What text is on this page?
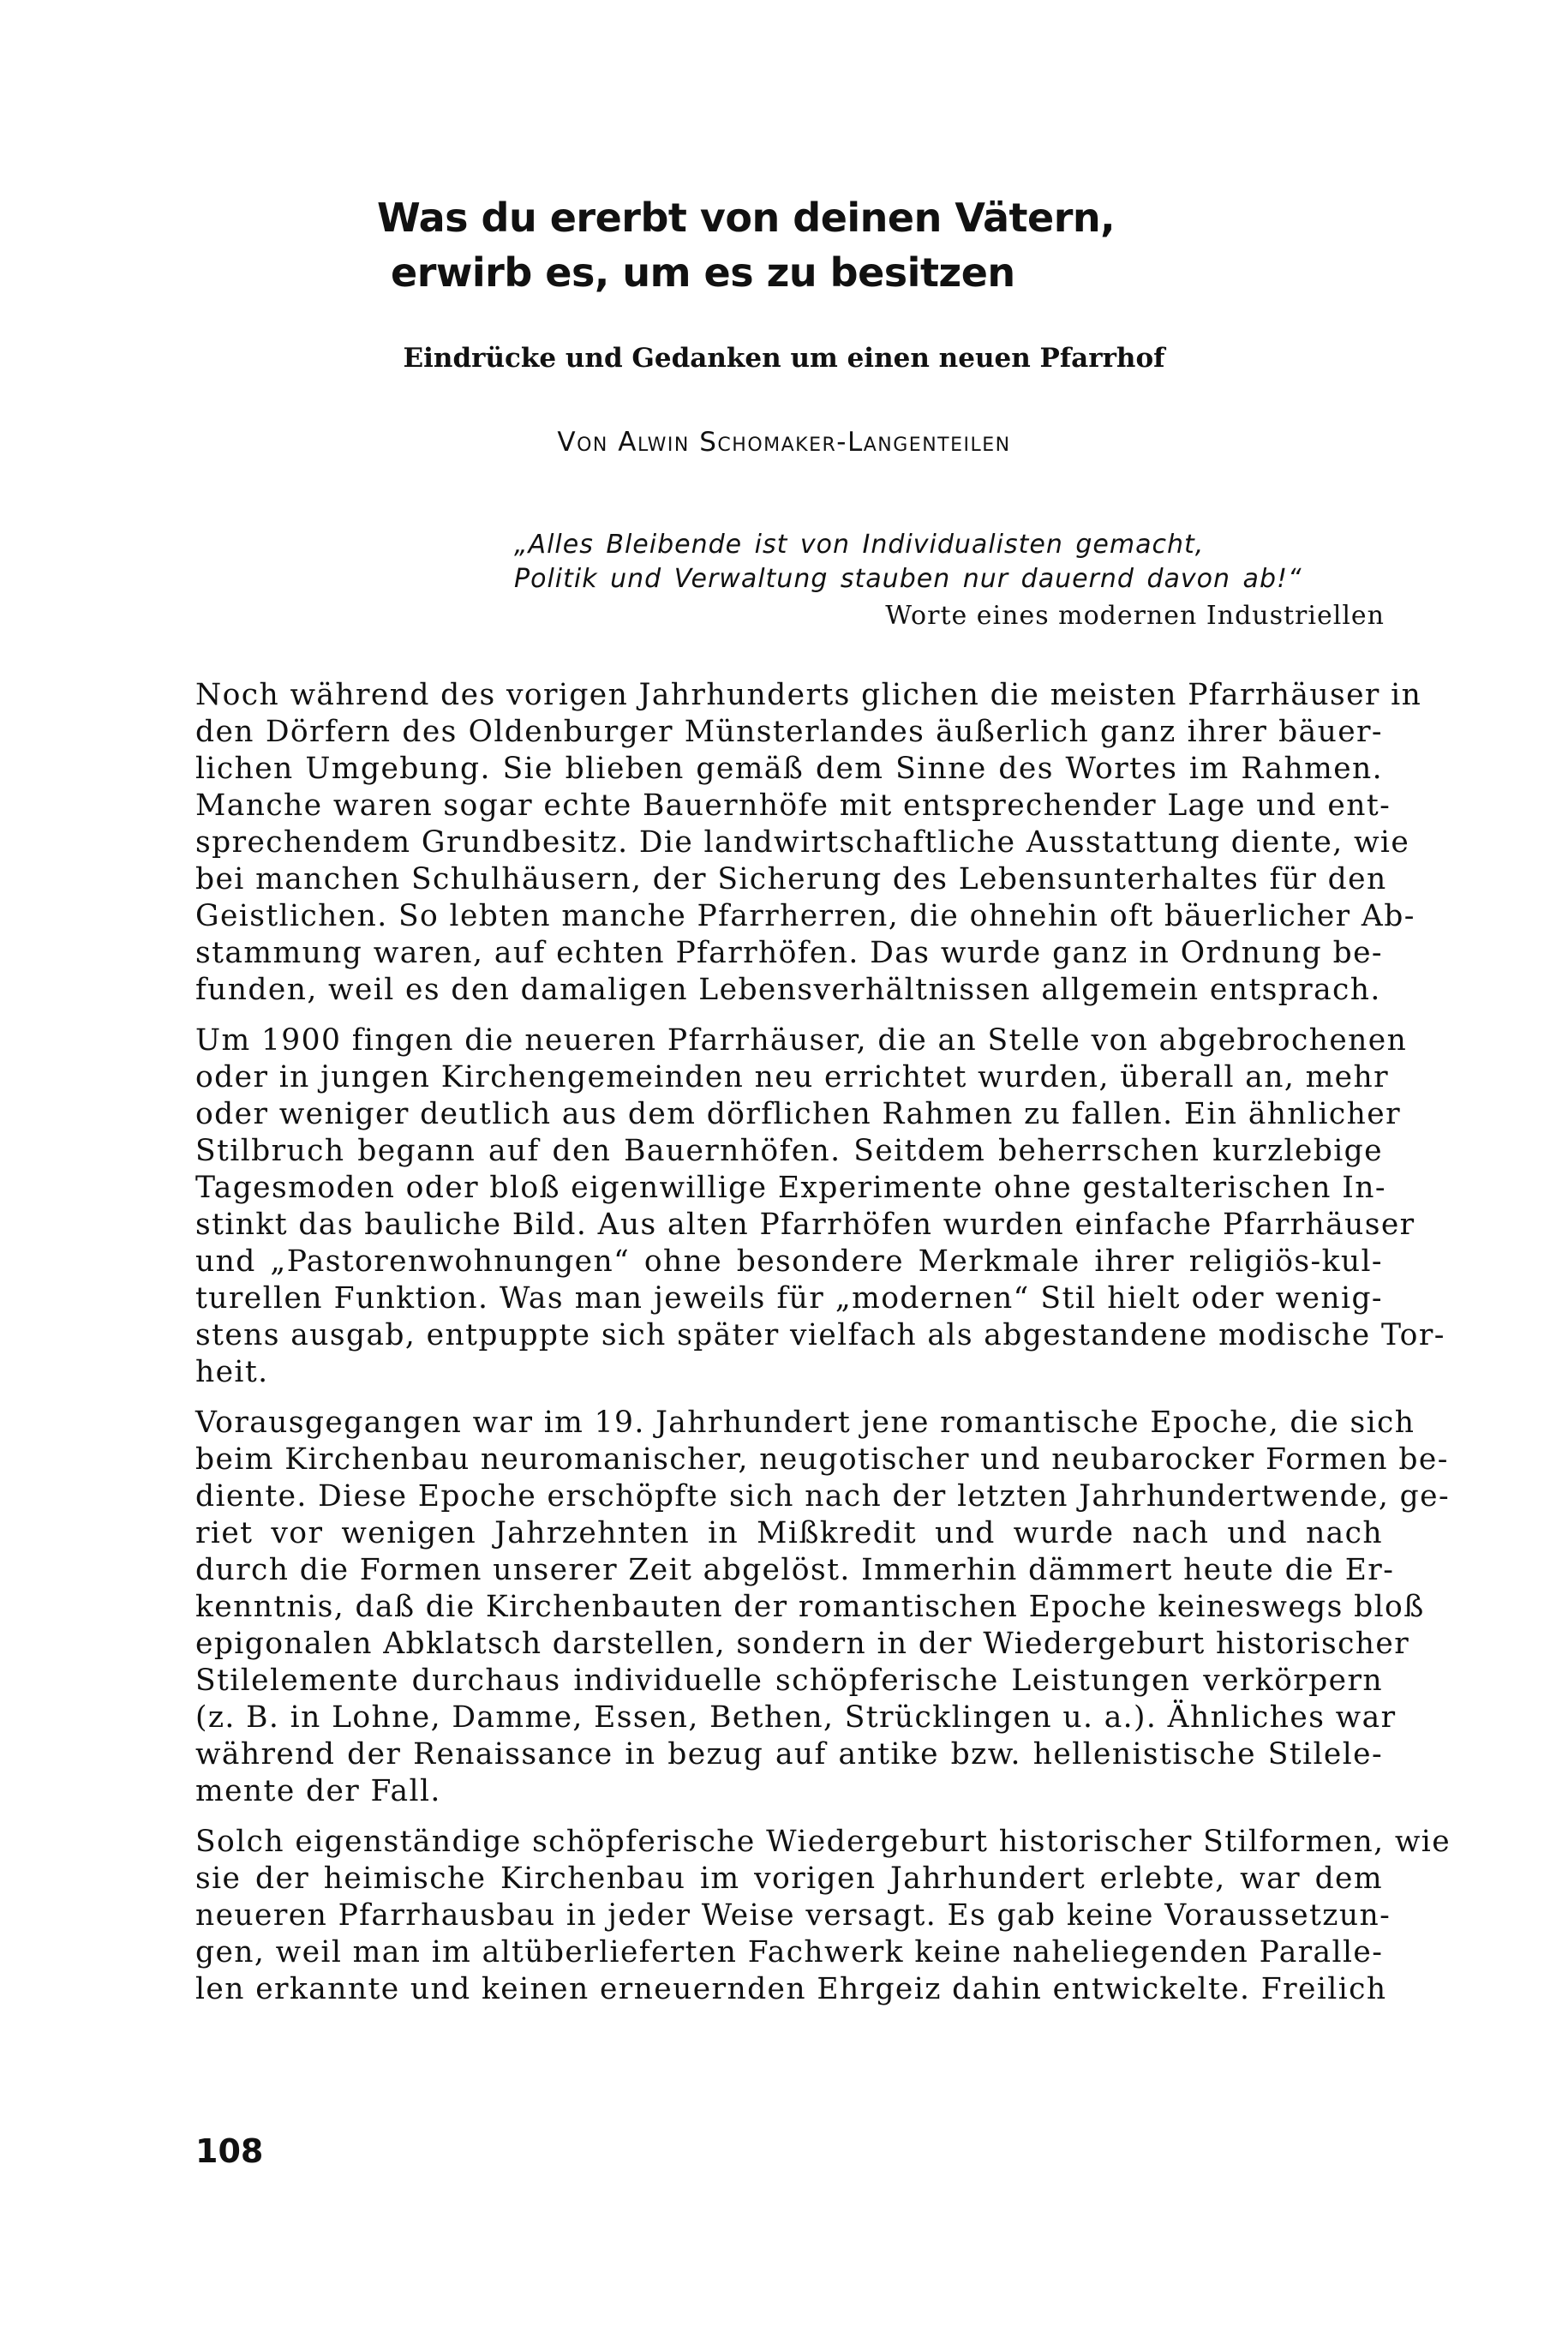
Was du ererbt von deinen Vätern,
erwirb es, um es zu besitzen

Eindrücke und Gedanken um einen neuen Pfarrhof

Von Alwin Schomaker-Langenteilen

„Alles Bleibende ist von Individualisten gemacht,
Politik und Verwaltung stauben nur dauernd davon ab!“
Worte eines modernen Industriellen
Noch während des vorigen Jahrhunderts glichen die meisten Pfarrhäuser in
den Dörfern des Oldenburger Münsterlandes äußerlich ganz ihrer bäuer-
lichen Umgebung. Sie blieben gemäß dem Sinne des Wortes im Rahmen.
Manche waren sogar echte Bauernhöfe mit entsprechender Lage und ent-
sprechendem Grundbesitz. Die landwirtschaftliche Ausstattung diente, wie
bei manchen Schulhäusern, der Sicherung des Lebensunterhaltes für den
Geistlichen. So lebten manche Pfarrherren, die ohnehin oft bäuerlicher Ab-
stammung waren, auf echten Pfarrhöfen. Das wurde ganz in Ordnung be-
funden, weil es den damaligen Lebensverhältnissen allgemein entsprach.
Um 1900 fingen die neueren Pfarrhäuser, die an Stelle von abgebrochenen
oder in jungen Kirchengemeinden neu errichtet wurden, überall an, mehr
oder weniger deutlich aus dem dörflichen Rahmen zu fallen. Ein ähnlicher
Stilbruch begann auf den Bauernhöfen. Seitdem beherrschen kurzlebige
Tagesmoden oder bloß eigenwillige Experimente ohne gestalterischen In-
stinkt das bauliche Bild. Aus alten Pfarrhöfen wurden einfache Pfarrhäuser
und „Pastorenwohnungen“ ohne besondere Merkmale ihrer religiös-kul-
turellen Funktion. Was man jeweils für „modernen“ Stil hielt oder wenig-
stens ausgab, entpuppte sich später vielfach als abgestandene modische Tor-
heit.
Vorausgegangen war im 19. Jahrhundert jene romantische Epoche, die sich
beim Kirchenbau neuromanischer, neugotischer und neubarocker Formen be-
diente. Diese Epoche erschöpfte sich nach der letzten Jahrhundertwende, ge-
riet vor wenigen Jahrzehnten in Mißkredit und wurde nach und nach
durch die Formen unserer Zeit abgelöst. Immerhin dämmert heute die Er-
kenntnis, daß die Kirchenbauten der romantischen Epoche keineswegs bloß
epigonalen Abklatsch darstellen, sondern in der Wiedergeburt historischer
Stilelemente durchaus individuelle schöpferische Leistungen verkörpern
(z. B. in Lohne, Damme, Essen, Bethen, Strücklingen u. a.). Ähnliches war
während der Renaissance in bezug auf antike bzw. hellenistische Stilele-
mente der Fall.
Solch eigenständige schöpferische Wiedergeburt historischer Stilformen, wie
sie der heimische Kirchenbau im vorigen Jahrhundert erlebte, war dem
neueren Pfarrhausbau in jeder Weise versagt. Es gab keine Voraussetzun-
gen, weil man im altüberlieferten Fachwerk keine naheliegenden Paralle-
len erkannte und keinen erneuernden Ehrgeiz dahin entwickelte. Freilich

108
